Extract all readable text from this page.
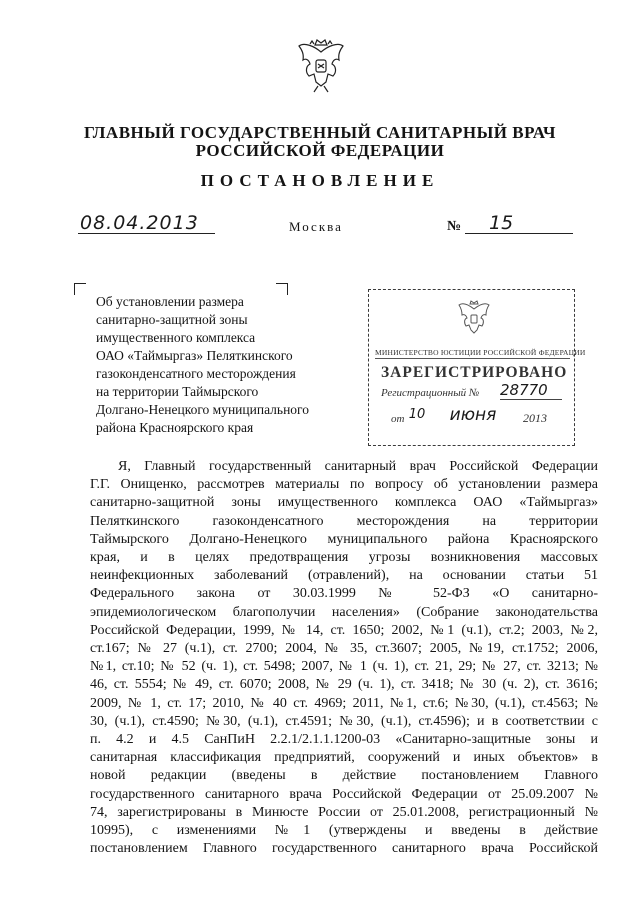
ГЛАВНЫЙ ГОСУДАРСТВЕННЫЙ САНИТАРНЫЙ ВРАЧ
РОССИЙСКОЙ ФЕДЕРАЦИИ
ПОСТАНОВЛЕНИЕ
08.04.2013	Москва	№	15
Об установлении размера
санитарно-защитной зоны
имущественного комплекса
ОАО «Таймыргаз» Пеляткинского
газоконденсатного месторождения
на территории Таймырского
Долгано-Ненецкого муниципального
района Красноярского края
МИНИСТЕРСТВО ЮСТИЦИИ РОССИЙСКОЙ ФЕДЕРАЦИИ
ЗАРЕГИСТРИРОВАНО
Регистрационный № 28770
от 10	июня	2013
Я, Главный государственный санитарный врач Российской Федерации
Г.Г. Онищенко, рассмотрев материалы по вопросу об установлении размера
санитарно-защитной зоны имущественного комплекса ОАО «Таймыргаз»
Пеляткинского газоконденсатного месторождения на территории
Таймырского Долгано-Ненецкого муниципального района Красноярского
края, и в целях предотвращения угрозы возникновения массовых
неинфекционных заболеваний (отравлений), на основании статьи 51
Федерального закона от 30.03.1999 № 52-ФЗ «О санитарно-
эпидемиологическом благополучии населения» (Собрание законодательства
Российской Федерации, 1999, № 14, ст. 1650; 2002, №1 (ч.1), ст.2; 2003, №2,
ст.167; № 27 (ч.1), ст. 2700; 2004, № 35, ст.3607; 2005, №19, ст.1752; 2006,
№1, ст.10; № 52 (ч. 1), ст. 5498; 2007, № 1 (ч. 1), ст. 21, 29; № 27, ст. 3213; №
46, ст. 5554; № 49, ст. 6070; 2008, № 29 (ч. 1), ст. 3418; № 30 (ч. 2), ст. 3616;
2009, № 1, ст. 17; 2010, № 40 ст. 4969; 2011, №1, ст.6; №30, (ч.1), ст.4563; №
30, (ч.1), ст.4590; №30, (ч.1), ст.4591; №30, (ч.1), ст.4596); и в соответствии с
п. 4.2 и 4.5 СанПиН 2.2.1/2.1.1.1200-03 «Санитарно-защитные зоны и
санитарная классификация предприятий, сооружений и иных объектов» в
новой редакции (введены в действие постановлением Главного
государственного санитарного врача Российской Федерации от 25.09.2007 №
74, зарегистрированы в Минюсте России от 25.01.2008, регистрационный №
10995), с изменениями №1 (утверждены и введены в действие
постановлением Главного государственного санитарного врача Российской
